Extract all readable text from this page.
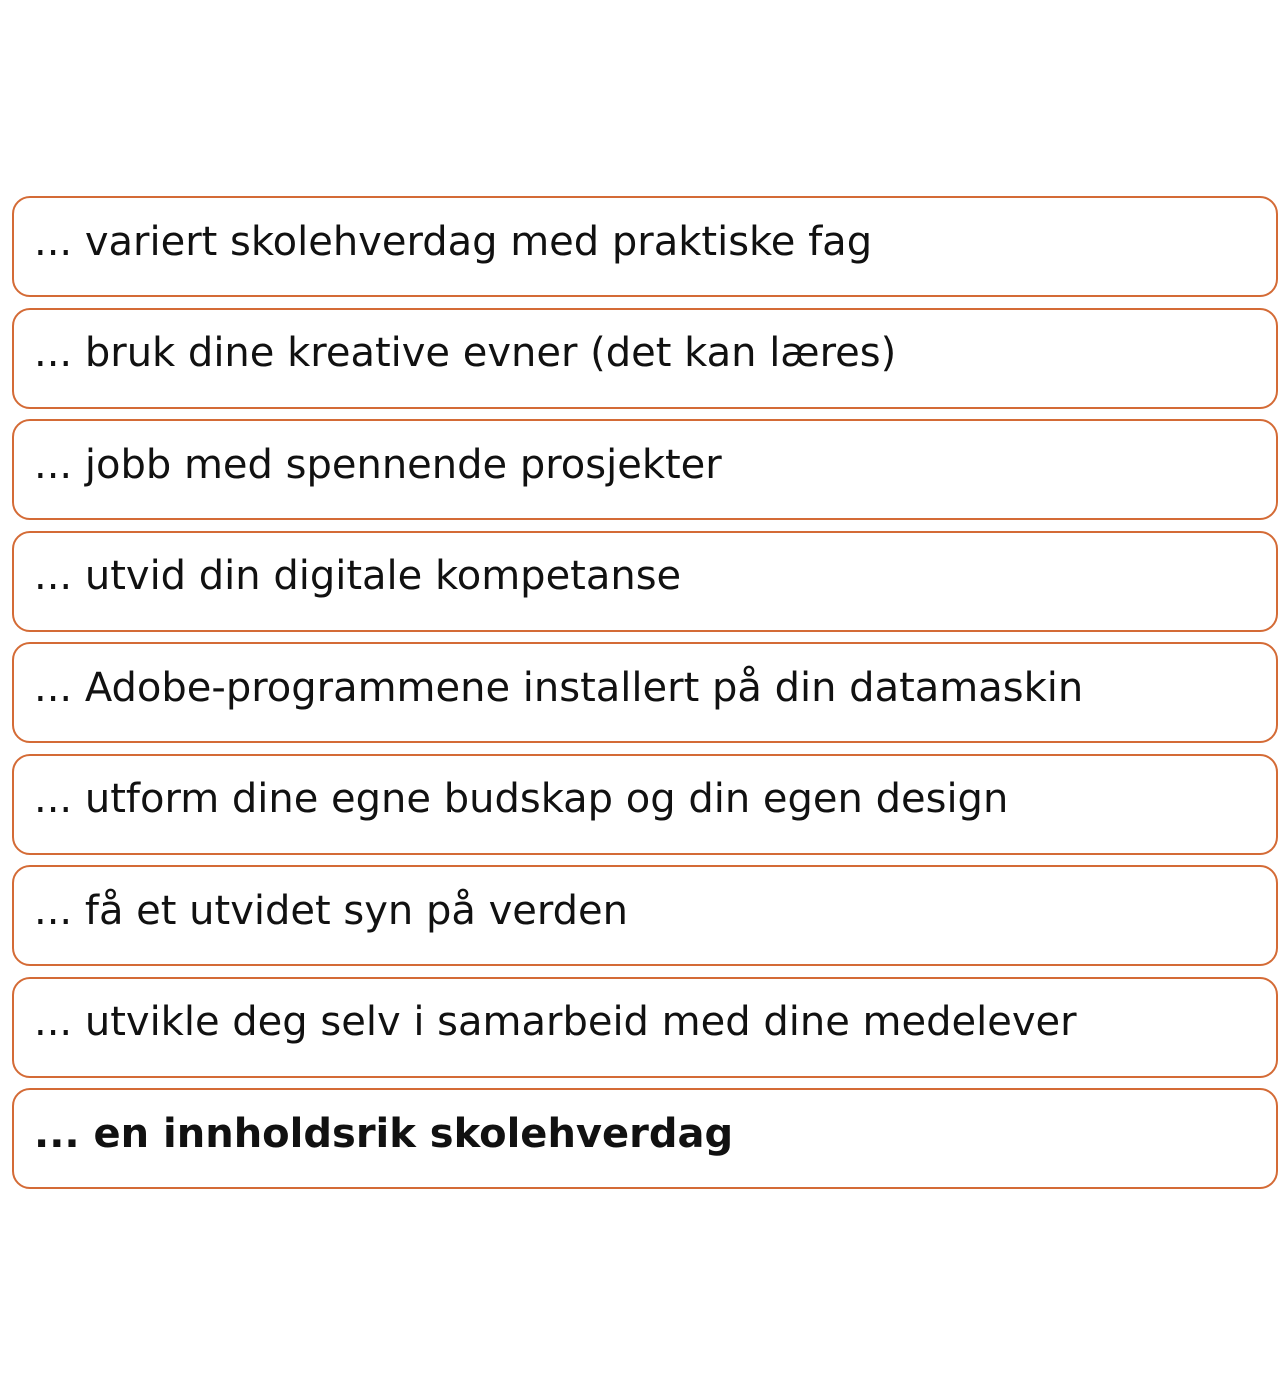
... variert skolehverdag med praktiske fag
... bruk dine kreative evner (det kan læres)
... jobb med spennende prosjekter
... utvid din digitale kompetanse
... Adobe-programmene installert på din datamaskin
... utform dine egne budskap og din egen design
... få et utvidet syn på verden
... utvikle deg selv i samarbeid med dine medelever
... en innholdsrik skolehverdag
